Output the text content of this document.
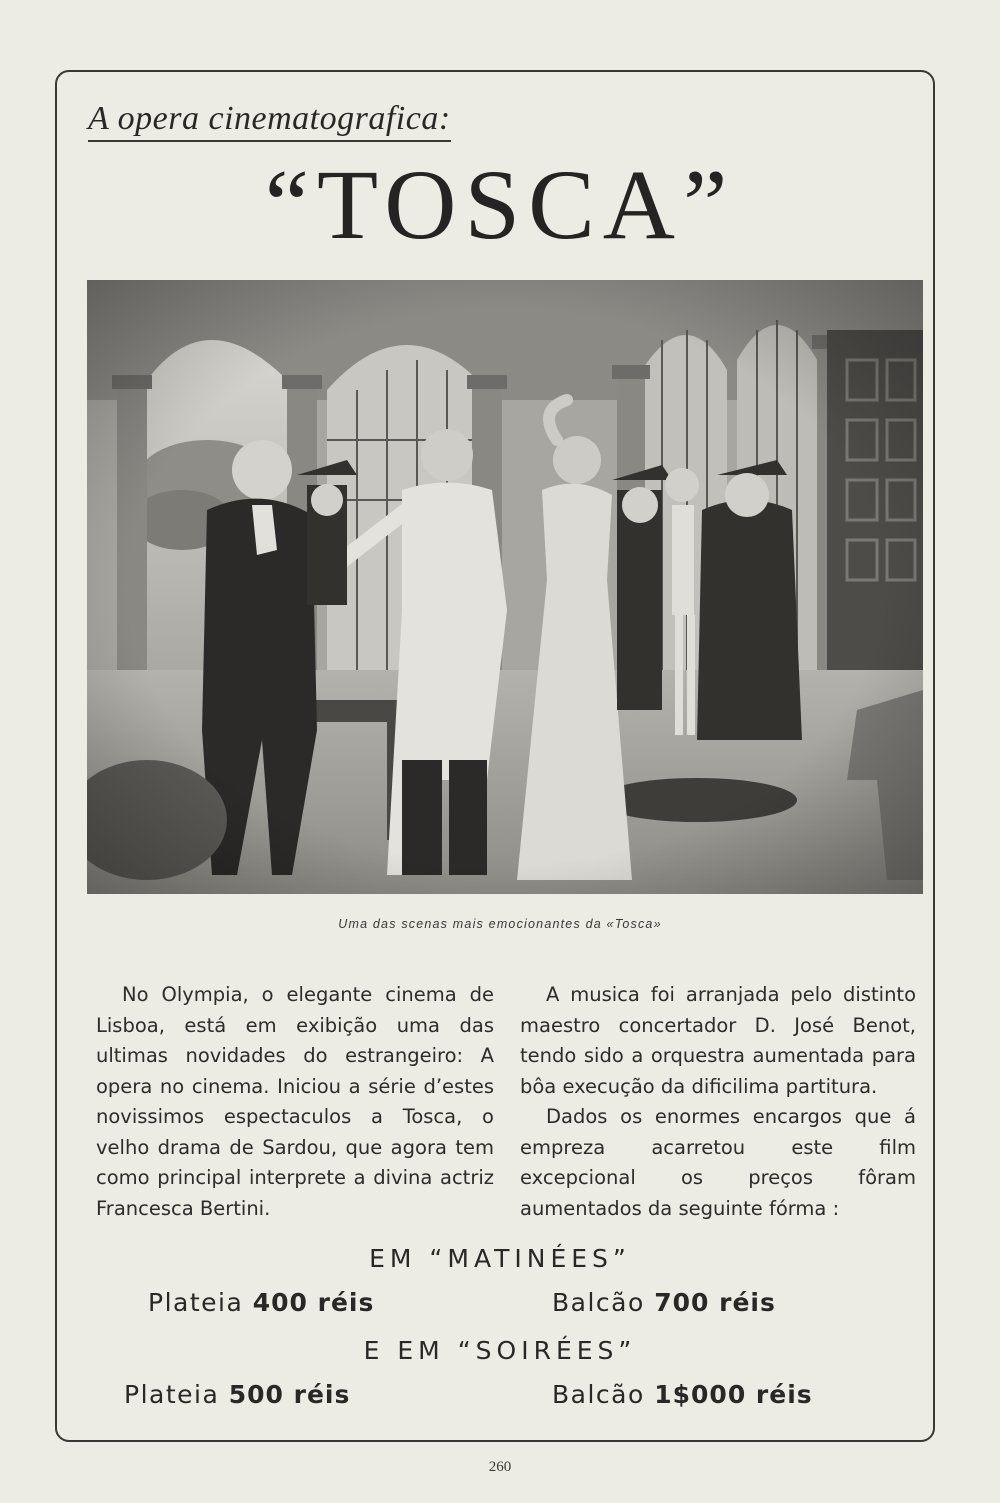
A opera cinematografica:
“TOSCA”
Uma das scenas mais emocionantes da «Tosca»

No Olympia, o elegante cinema de Lisboa, está em exibição uma das ultimas novidades do estrangeiro: A opera no cinema. Iniciou a série d’estes novissimos espectaculos a Tosca, o velho drama de Sardou, que agora tem como principal interprete a divina actriz Francesca Bertini.

A musica foi arranjada pelo distinto maestro concertador D. José Benot, tendo sido a orquestra aumentada para bôa execução da dificilima partitura.

Dados os enormes encargos que á empreza acarretou este film excepcional os preços fôram aumentados da seguinte fórma :

EM “MATINÉES”
Plateia 400 réis	Balcão 700 réis
E EM “SOIRÉES”
Plateia 500 réis	Balcão 1$000 réis
260
